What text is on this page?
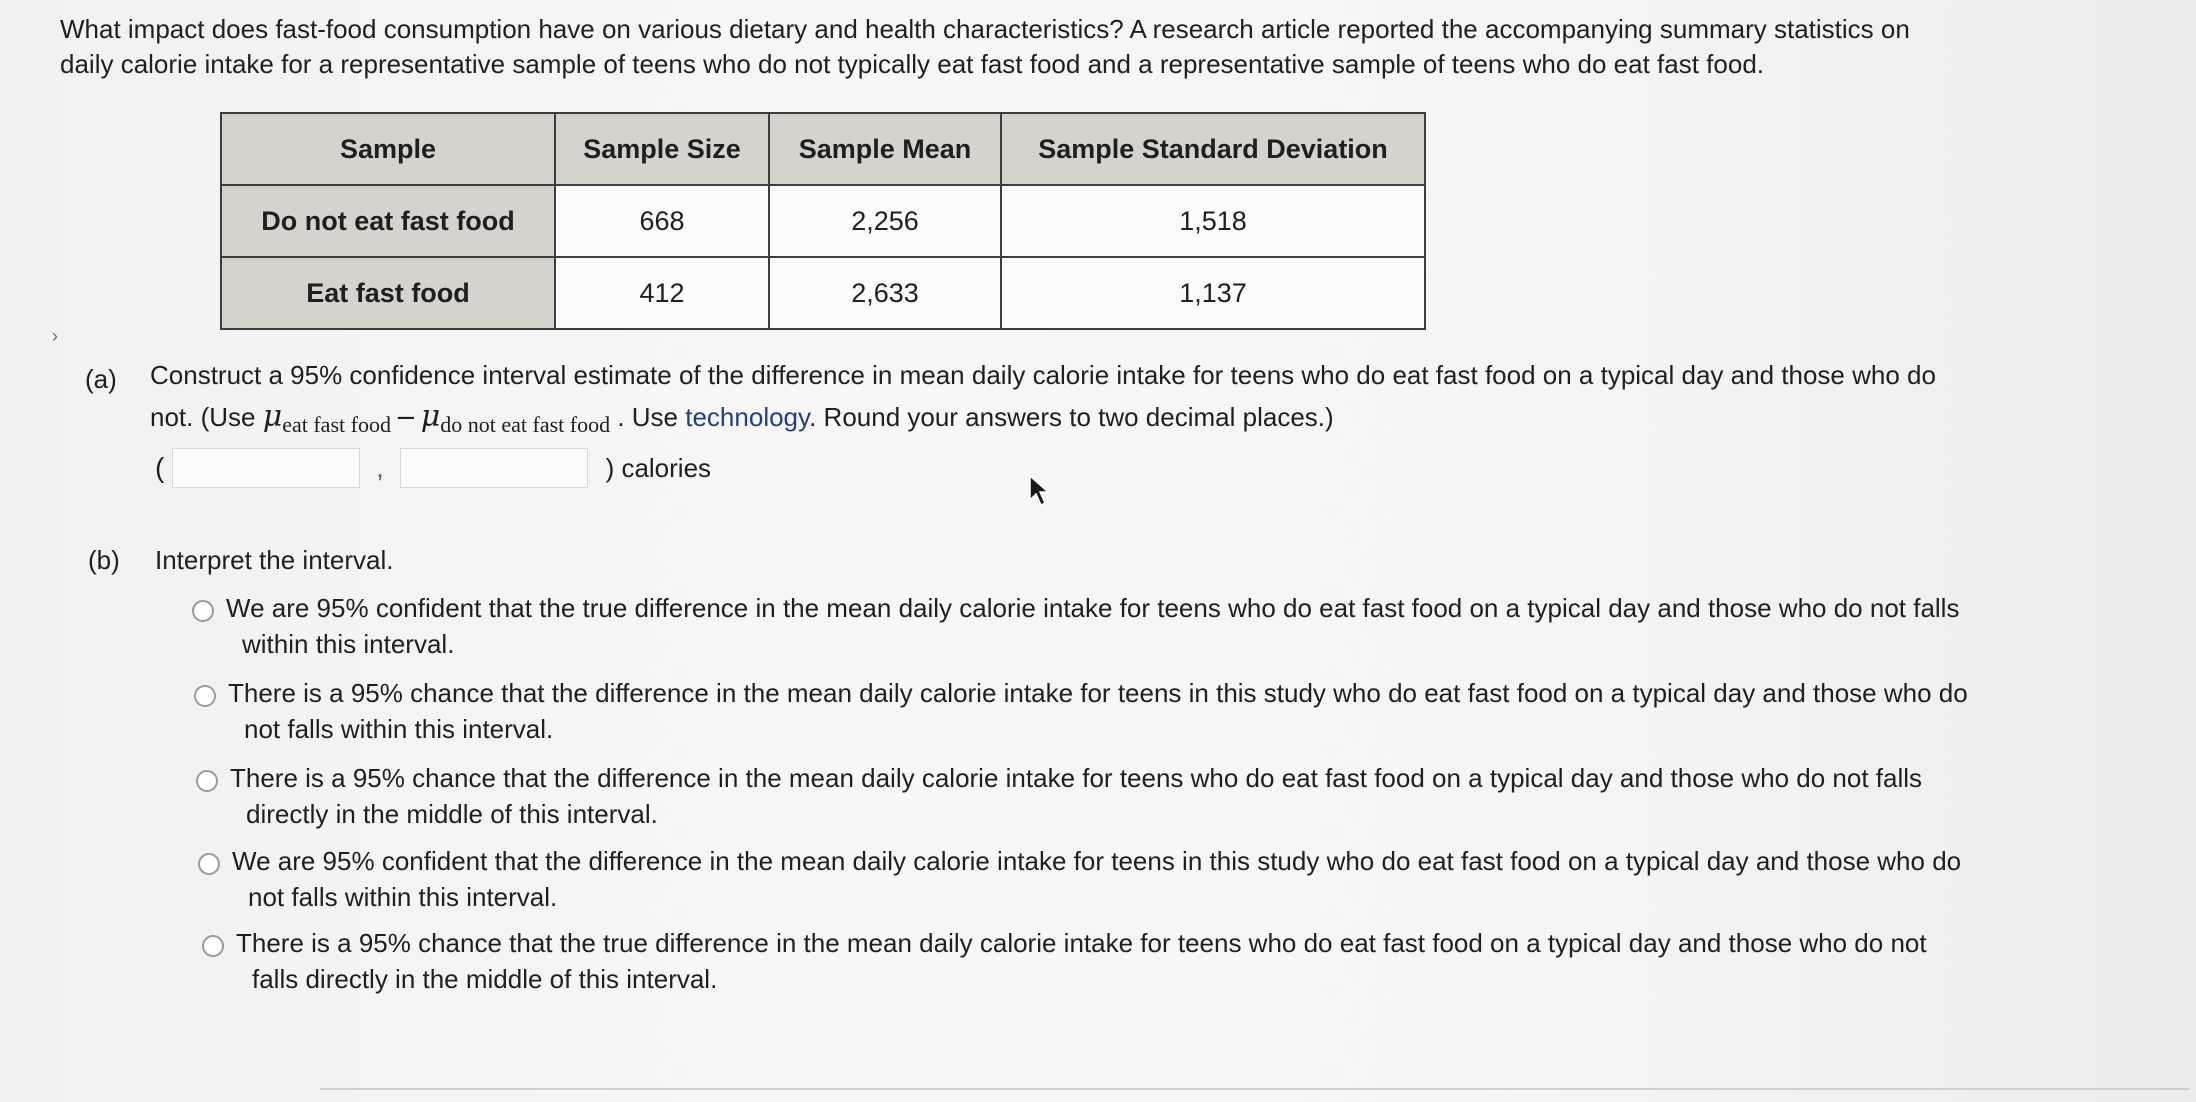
What impact does fast-food consumption have on various dietary and health characteristics? A research article reported the accompanying summary statistics on
daily calorie intake for a representative sample of teens who do not typically eat fast food and a representative sample of teens who do eat fast food.
Sample	Sample Size	Sample Mean	Sample Standard Deviation
Do not eat fast food	668	2,256	1,518
Eat fast food	412	2,633	1,137
›
(a) Construct a 95% confidence interval estimate of the difference in mean daily calorie intake for teens who do eat fast food on a typical day and those who do
not. (Use $\mu_{eat fast food} - \mu_{do not eat fast food}$ . Use technology. Round your answers to two decimal places.)

(	,	) calories
(b) Interpret the interval.

We are 95% confident that the true difference in the mean daily calorie intake for teens who do eat fast food on a typical day and those who do not falls
within this interval.

There is a 95% chance that the difference in the mean daily calorie intake for teens in this study who do eat fast food on a typical day and those who do
not falls within this interval.

There is a 95% chance that the difference in the mean daily calorie intake for teens who do eat fast food on a typical day and those who do not falls
directly in the middle of this interval.

We are 95% confident that the difference in the mean daily calorie intake for teens in this study who do eat fast food on a typical day and those who do
not falls within this interval.

There is a 95% chance that the true difference in the mean daily calorie intake for teens who do eat fast food on a typical day and those who do not
falls directly in the middle of this interval.
